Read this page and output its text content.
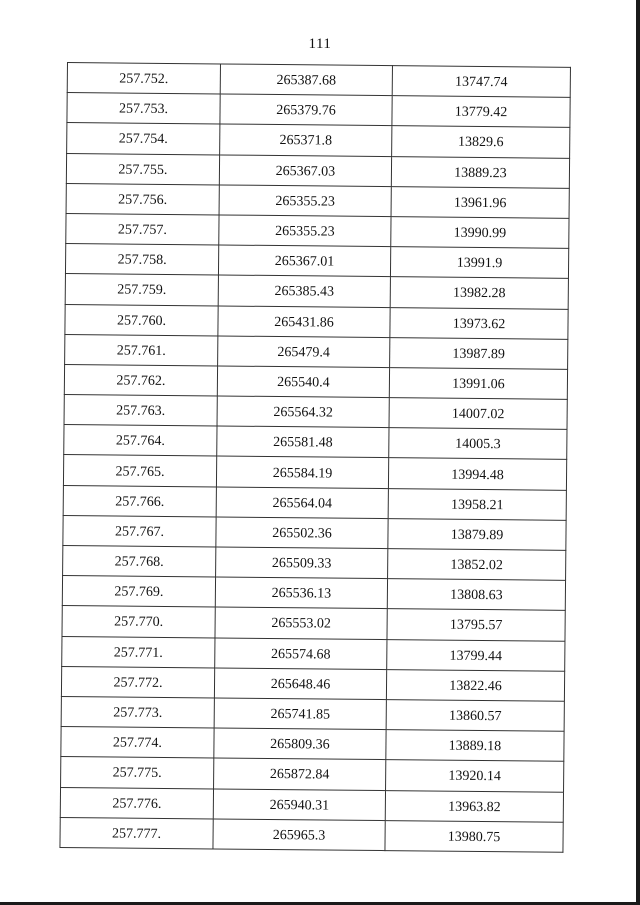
111
257.752.	265387.68	13747.74
257.753.	265379.76	13779.42
257.754.	265371.8	13829.6
257.755.	265367.03	13889.23
257.756.	265355.23	13961.96
257.757.	265355.23	13990.99
257.758.	265367.01	13991.9
257.759.	265385.43	13982.28
257.760.	265431.86	13973.62
257.761.	265479.4	13987.89
257.762.	265540.4	13991.06
257.763.	265564.32	14007.02
257.764.	265581.48	14005.3
257.765.	265584.19	13994.48
257.766.	265564.04	13958.21
257.767.	265502.36	13879.89
257.768.	265509.33	13852.02
257.769.	265536.13	13808.63
257.770.	265553.02	13795.57
257.771.	265574.68	13799.44
257.772.	265648.46	13822.46
257.773.	265741.85	13860.57
257.774.	265809.36	13889.18
257.775.	265872.84	13920.14
257.776.	265940.31	13963.82
257.777.	265965.3	13980.75
